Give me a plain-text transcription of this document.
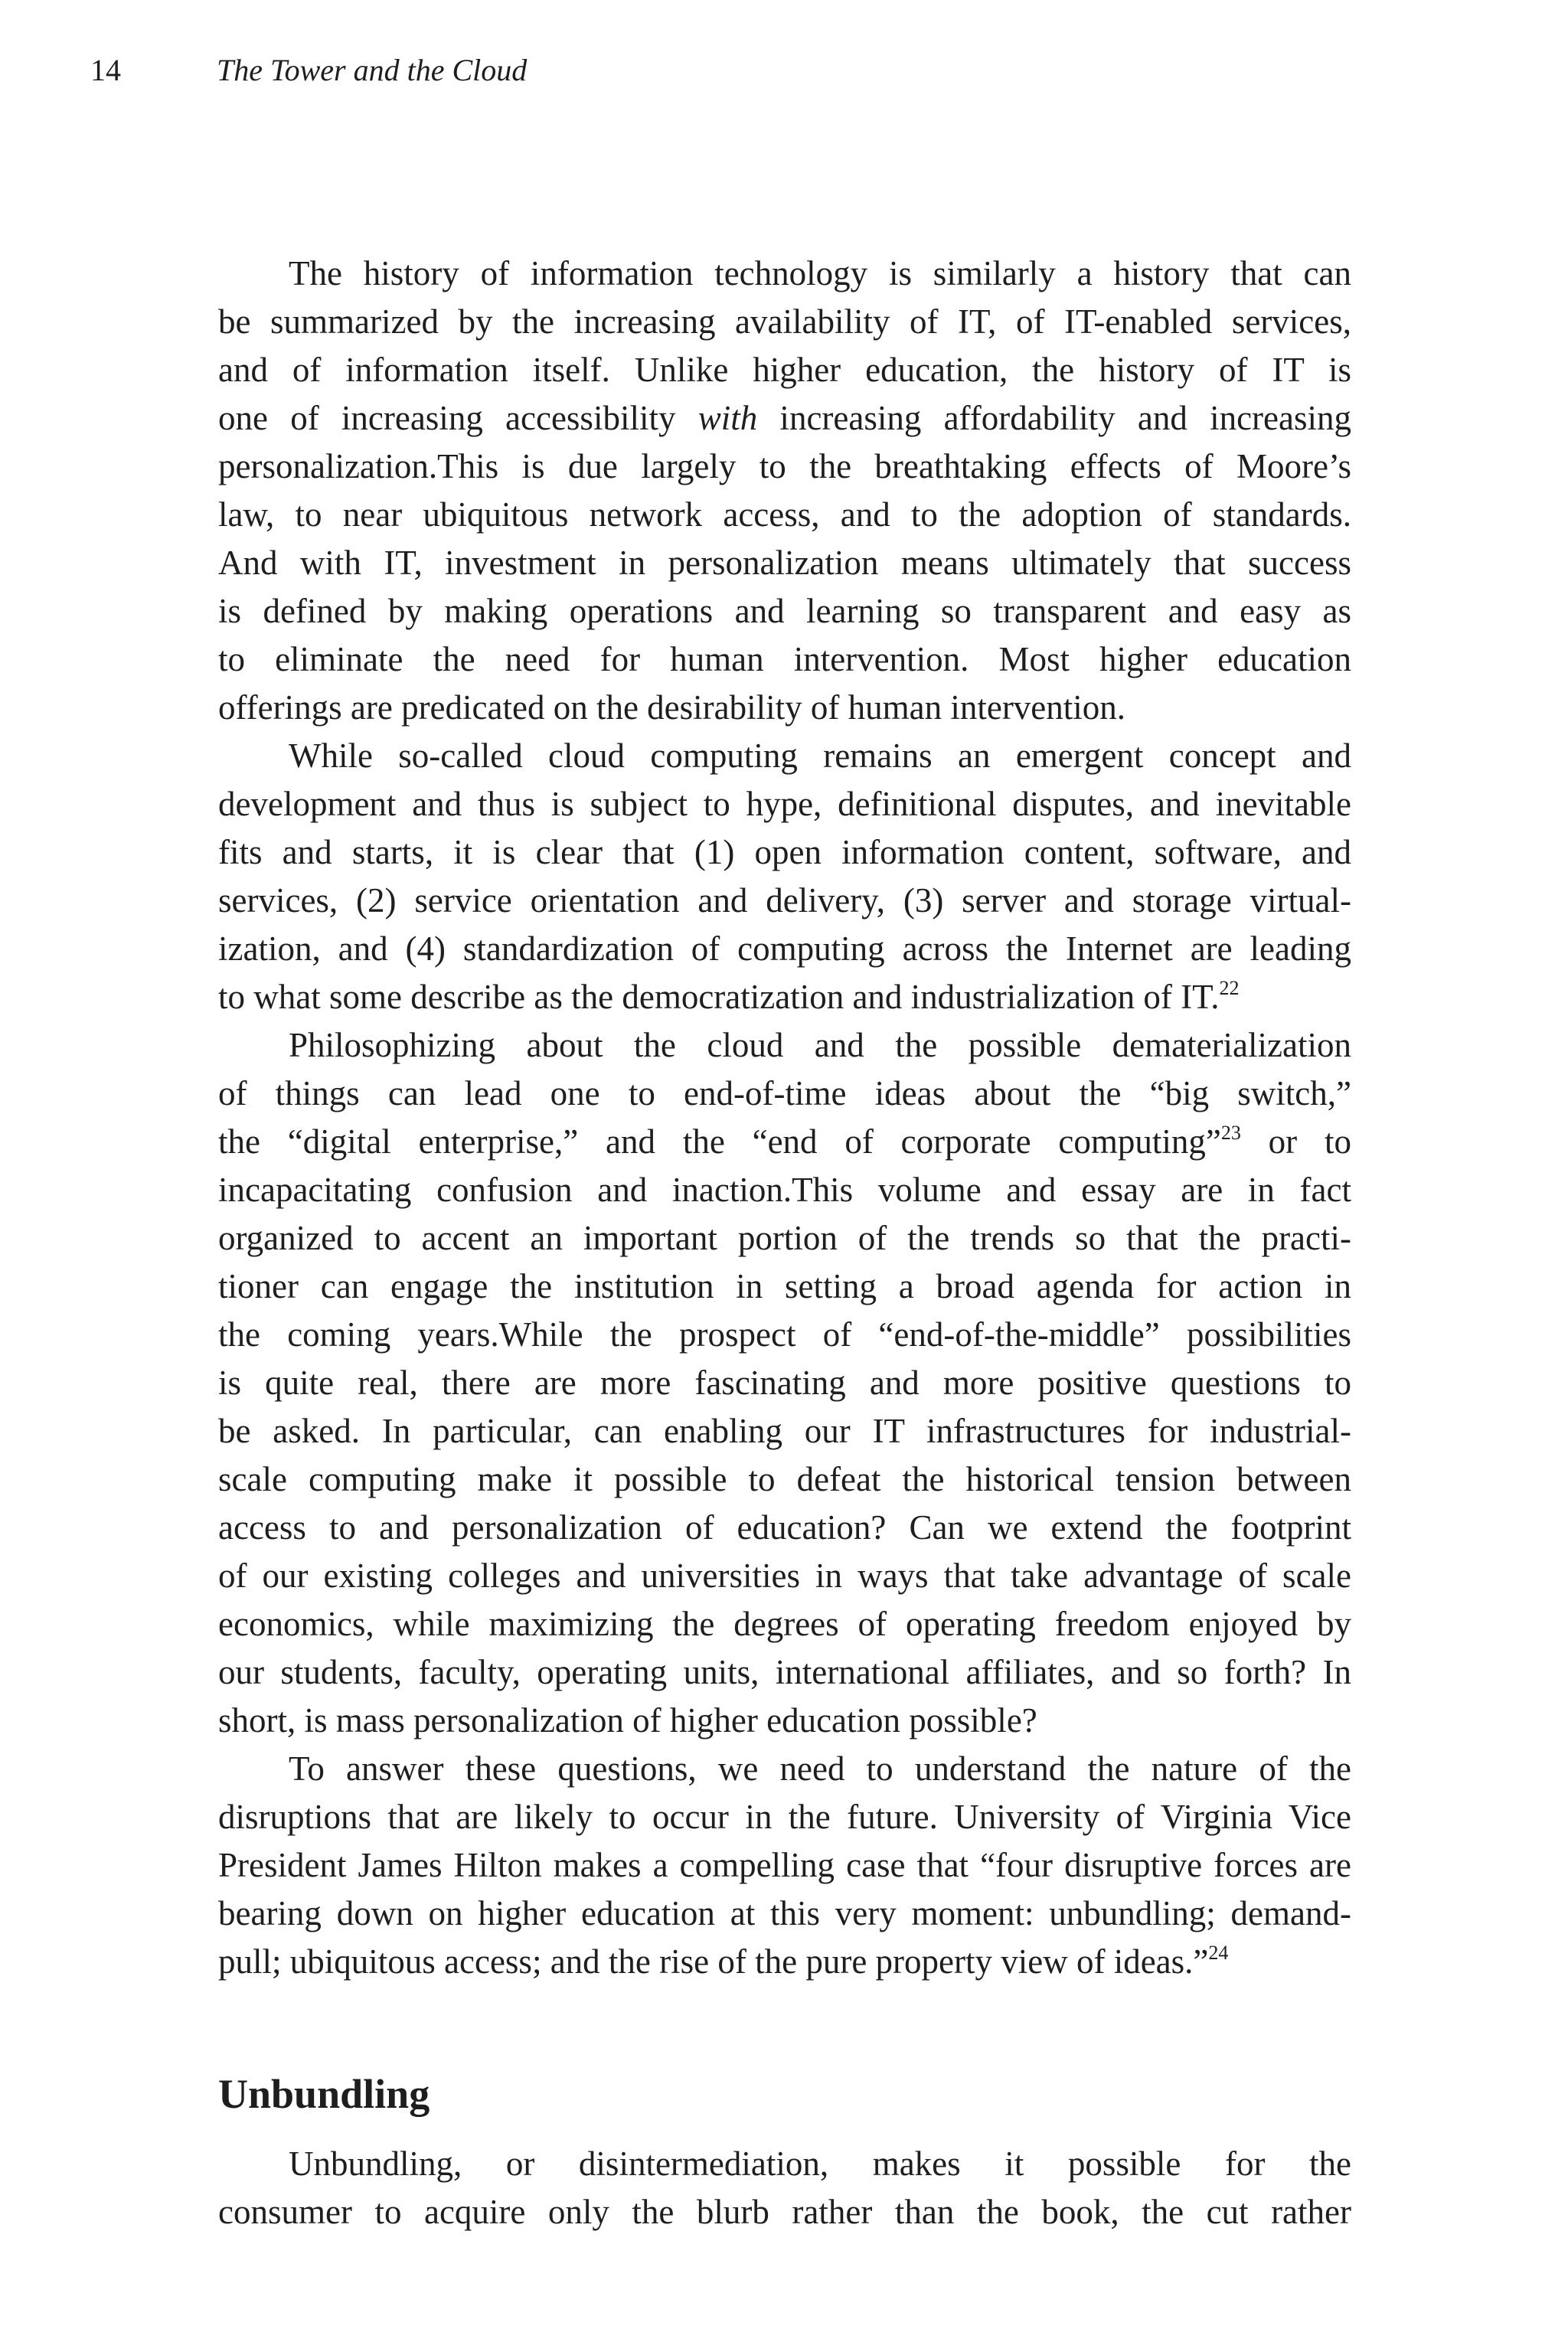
14	The Tower and the Cloud
The history of information technology is similarly a history that can
be summarized by the increasing availability of IT, of IT-enabled services,
and of information itself. Unlike higher education, the history of IT is
one of increasing accessibility with increasing affordability and increasing
personalization.This is due largely to the breathtaking effects of Moore’s
law, to near ubiquitous network access, and to the adoption of standards.
And with IT, investment in personalization means ultimately that success
is defined by making operations and learning so transparent and easy as
to eliminate the need for human intervention. Most higher education
offerings are predicated on the desirability of human intervention.
While so-called cloud computing remains an emergent concept and
development and thus is subject to hype, definitional disputes, and inevitable
fits and starts, it is clear that (1) open information content, software, and
services, (2) service orientation and delivery, (3) server and storage virtual-
ization, and (4) standardization of computing across the Internet are leading
to what some describe as the democratization and industrialization of IT.$^{22}$
Philosophizing about the cloud and the possible dematerialization
of things can lead one to end-of-time ideas about the “big switch,”
the “digital enterprise,” and the “end of corporate computing”$^{23}$ or to
incapacitating confusion and inaction.This volume and essay are in fact
organized to accent an important portion of the trends so that the practi-
tioner can engage the institution in setting a broad agenda for action in
the coming years.While the prospect of “end-of-the-middle” possibilities
is quite real, there are more fascinating and more positive questions to
be asked. In particular, can enabling our IT infrastructures for industrial-
scale computing make it possible to defeat the historical tension between
access to and personalization of education? Can we extend the footprint
of our existing colleges and universities in ways that take advantage of scale
economics, while maximizing the degrees of operating freedom enjoyed by
our students, faculty, operating units, international affiliates, and so forth? In
short, is mass personalization of higher education possible?
To answer these questions, we need to understand the nature of the
disruptions that are likely to occur in the future. University of Virginia Vice
President James Hilton makes a compelling case that “four disruptive forces are
bearing down on higher education at this very moment: unbundling; demand-
pull; ubiquitous access; and the rise of the pure property view of ideas.”$^{24}$
Unbundling
Unbundling, or disintermediation, makes it possible for the
consumer to acquire only the blurb rather than the book, the cut rather
